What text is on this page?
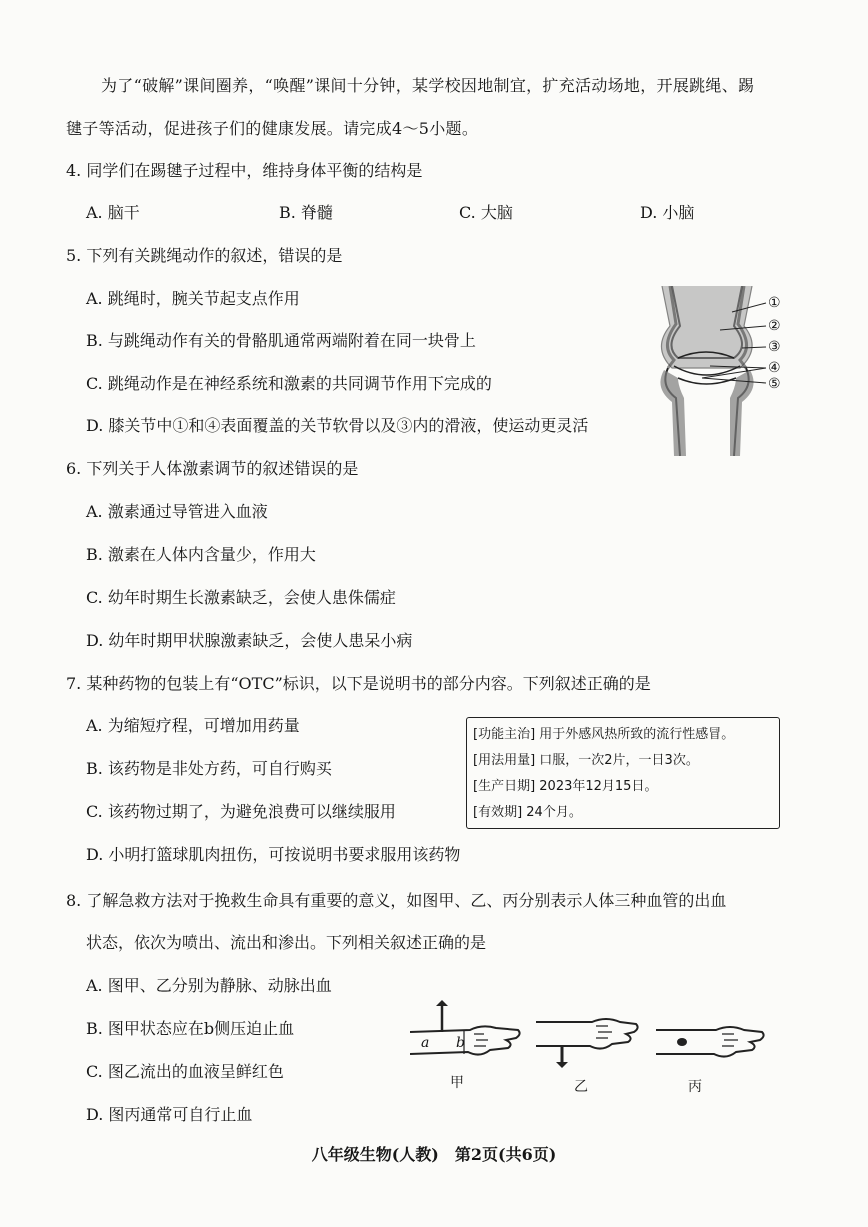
为了“破解”课间圈养，“唤醒”课间十分钟，某学校因地制宜，扩充活动场地，开展跳绳、踢
毽子等活动，促进孩子们的健康发展。请完成4～5小题。
4. 同学们在踢毽子过程中，维持身体平衡的结构是
A. 脑干	B. 脊髓	C. 大脑	D. 小脑
5. 下列有关跳绳动作的叙述，错误的是
A. 跳绳时，腕关节起支点作用
B. 与跳绳动作有关的骨骼肌通常两端附着在同一块骨上
C. 跳绳动作是在神经系统和激素的共同调节作用下完成的
D. 膝关节中①和④表面覆盖的关节软骨以及③内的滑液，使运动更灵活
①
②
③
④
⑤
6. 下列关于人体激素调节的叙述错误的是
A. 激素通过导管进入血液
B. 激素在人体内含量少，作用大
C. 幼年时期生长激素缺乏，会使人患侏儒症
D. 幼年时期甲状腺激素缺乏，会使人患呆小病
7. 某种药物的包装上有“OTC”标识，以下是说明书的部分内容。下列叙述正确的是
A. 为缩短疗程，可增加用药量
B. 该药物是非处方药，可自行购买
C. 该药物过期了，为避免浪费可以继续服用
D. 小明打篮球肌肉扭伤，可按说明书要求服用该药物
[功能主治] 用于外感风热所致的流行性感冒。
[用法用量] 口服，一次2片，一日3次。
[生产日期] 2023年12月15日。
[有效期] 24个月。
8. 了解急救方法对于挽救生命具有重要的意义，如图甲、乙、丙分别表示人体三种血管的出血
状态，依次为喷出、流出和渗出。下列相关叙述正确的是
A. 图甲、乙分别为静脉、动脉出血
B. 图甲状态应在b侧压迫止血
C. 图乙流出的血液呈鲜红色
D. 图丙通常可自行止血
a b
甲	乙	丙
八年级生物(人教)　第2页(共6页)
